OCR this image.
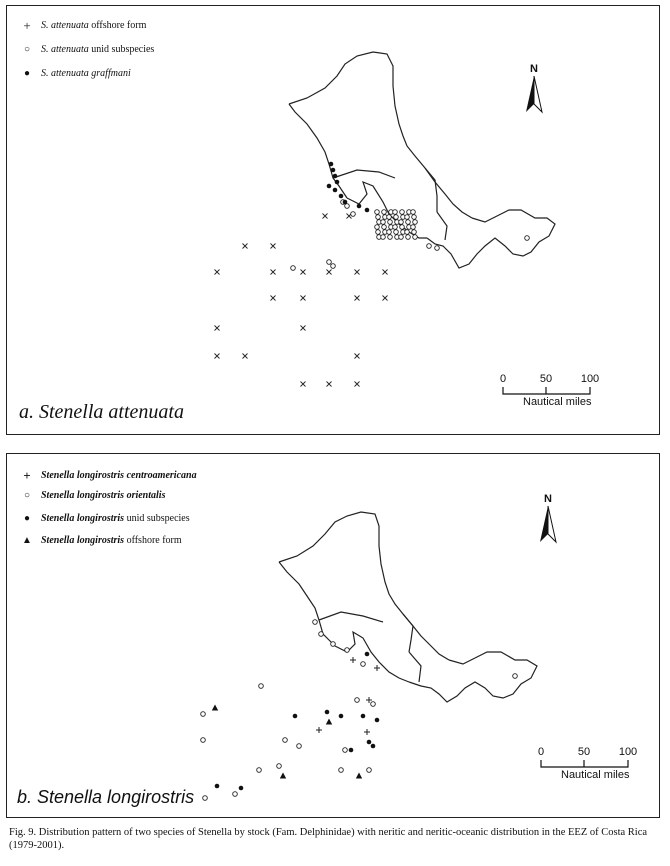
+ S. attenuata offshore form
○ S. attenuata unid subspecies
● S. attenuata graffmani	N
0	50	100
Nautical miles
a. Stenella attenuata
+ Stenella longirostris centroamericana
○ Stenella longirostris orientalis
● Stenella longirostris unid subspecies
▲ Stenella longirostris offshore form
N
0	50	100
Nautical miles
b. Stenella longirostris
Fig. 9. Distribution pattern of two species of Stenella by stock (Fam. Delphinidae) with neritic and neritic-oceanic distribution in the EEZ of Costa Rica (1979-2001).
